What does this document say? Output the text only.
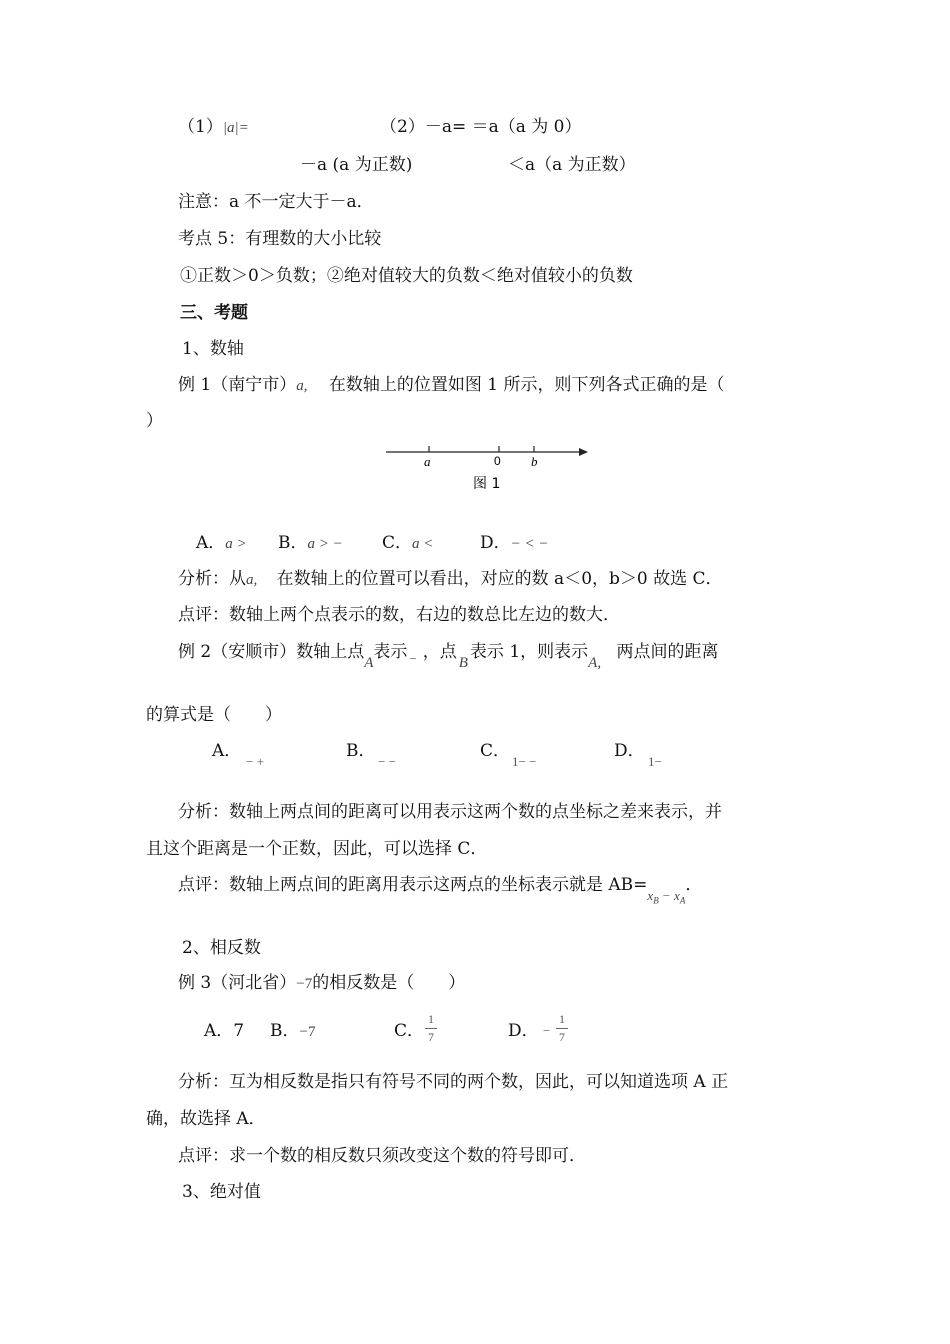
（1）|a|=	（2）－a= ＝a（a 为 0）
－a (a 为正数)	＜a（a 为正数）
注意：a 不一定大于－a．
考点 5：有理数的大小比较
①正数＞0＞负数；②绝对值较大的负数＜绝对值较小的负数
三、考题
1、数轴
例 1（南宁市）a, 在数轴上的位置如图 1 所示，则下列各式正确的是（
）
a	0 b
图 1
A．a > B．a > − C．a <	D．− < −
分析：从a, 在数轴上的位置可以看出，对应的数 a＜0，b＞0 故选 C．
点评：数轴上两个点表示的数，右边的数总比左边的数大．
例 2（安顺市）数轴上点A表示 $_-$ ，点B表示 1，则表示A, 两点间的距离
的算式是（　　）
A．
− +
B．
− −
C．
1− −
D．
1−
分析：数轴上两点间的距离可以用表示这两个数的点坐标之差来表示，并
且这个距离是一个正数，因此，可以选择 C．
点评：数轴上两点间的距离用表示这两点的坐标表示就是 $AB=_{x_B}$ $_-$ $_{x_A}$．
2、相反数
例 3（河北省）−7的相反数是（　　）
A．7 B．−7	C．
1
7	D． −
1
7
分析：互为相反数是指只有符号不同的两个数，因此，可以知道选项 A 正
确，故选择 A．
点评：求一个数的相反数只须改变这个数的符号即可．
3、绝对值
